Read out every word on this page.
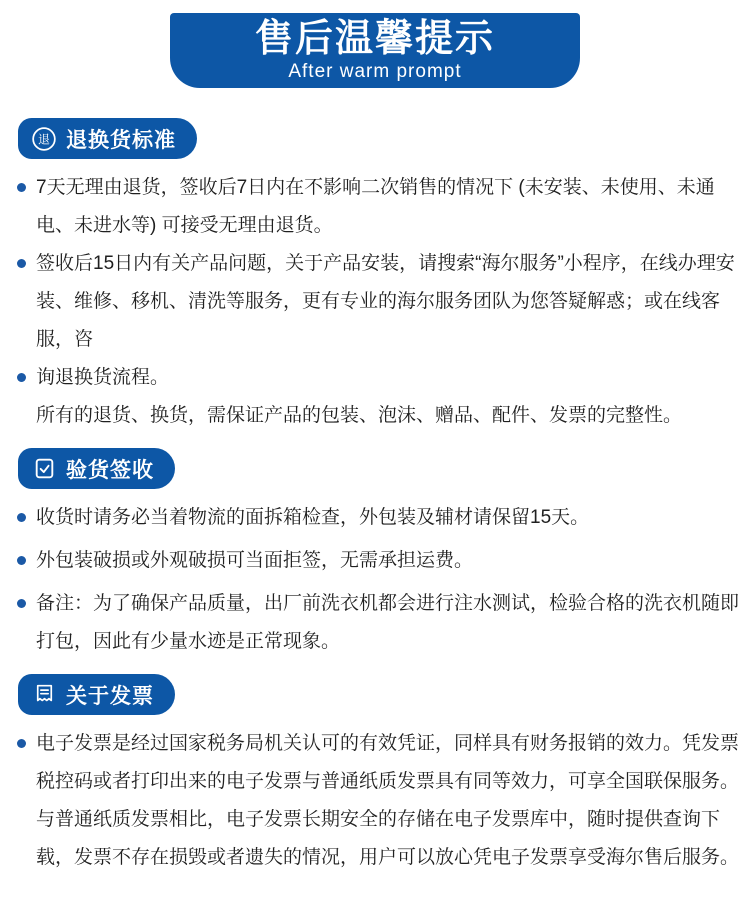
售后温馨提示
After warm prompt
退 退换货标准
7天无理由退货，签收后7日内在不影响二次销售的情况下 (未安装、未使用、未通电、未进水等) 可接受无理由退货。
签收后15日内有关产品问题，关于产品安装，请搜索“海尔服务”小程序，在线办理安装、维修、移机、清洗等服务，更有专业的海尔服务团队为您答疑解惑；或在线客服，咨
询退换货流程。
所有的退货、换货，需保证产品的包装、泡沫、赠品、配件、发票的完整性。
验货签收
收货时请务必当着物流的面拆箱检查，外包装及辅材请保留15天。
外包装破损或外观破损可当面拒签，无需承担运费。
备注：为了确保产品质量，出厂前洗衣机都会进行注水测试，检验合格的洗衣机随即打包，因此有少量水迹是正常现象。
关于发票
电子发票是经过国家税务局机关认可的有效凭证，同样具有财务报销的效力。凭发票税控码或者打印出来的电子发票与普通纸质发票具有同等效力，可享全国联保服务。与普通纸质发票相比，电子发票长期安全的存储在电子发票库中，随时提供查询下载，发票不存在损毁或者遗失的情况，用户可以放心凭电子发票享受海尔售后服务。
